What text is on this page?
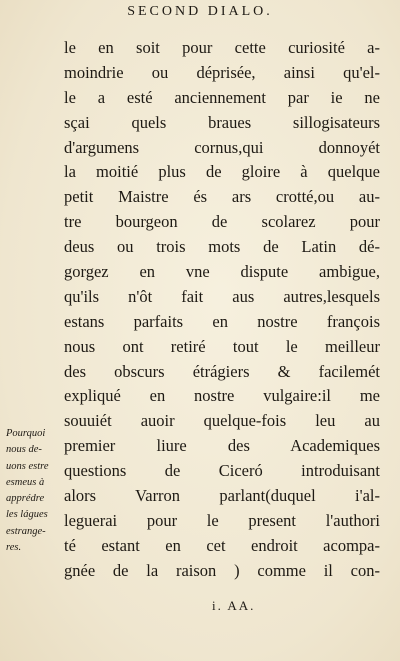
SECOND DIALO.
le en soit pour cette curiosité a-
moindrie ou déprisée, ainsi qu'el-
le a esté anciennement par ie ne
sçai quels braues sillogisateurs
d'argumens cornus,qui donnoyét
la moitié plus de gloire à quelque
petit Maistre és ars crotté,ou au-
tre bourgeon de scolarez pour
deus ou trois mots de Latin dé-
gorgez en vne dispute ambigue,
qu'ils n'ôt fait aus autres,lesquels
estans parfaits en nostre françois
nous ont retiré tout le meilleur
des obscurs étrágiers & facilemét
expliqué en nostre vulgaire:il me
souuiét auoir quelque-fois leu au
premier liure des Academiques
questions de Ciceró introduisant
alors Varron parlant(duquel i'al-
leguerai pour le present l'authori
té estant en cet endroit acompa-
gnée de la raison ) comme il con-
Pourquoi
nous de-
uons estre
esmeus à
apprédre
les lágues
estrange-
res.
i. AA.
